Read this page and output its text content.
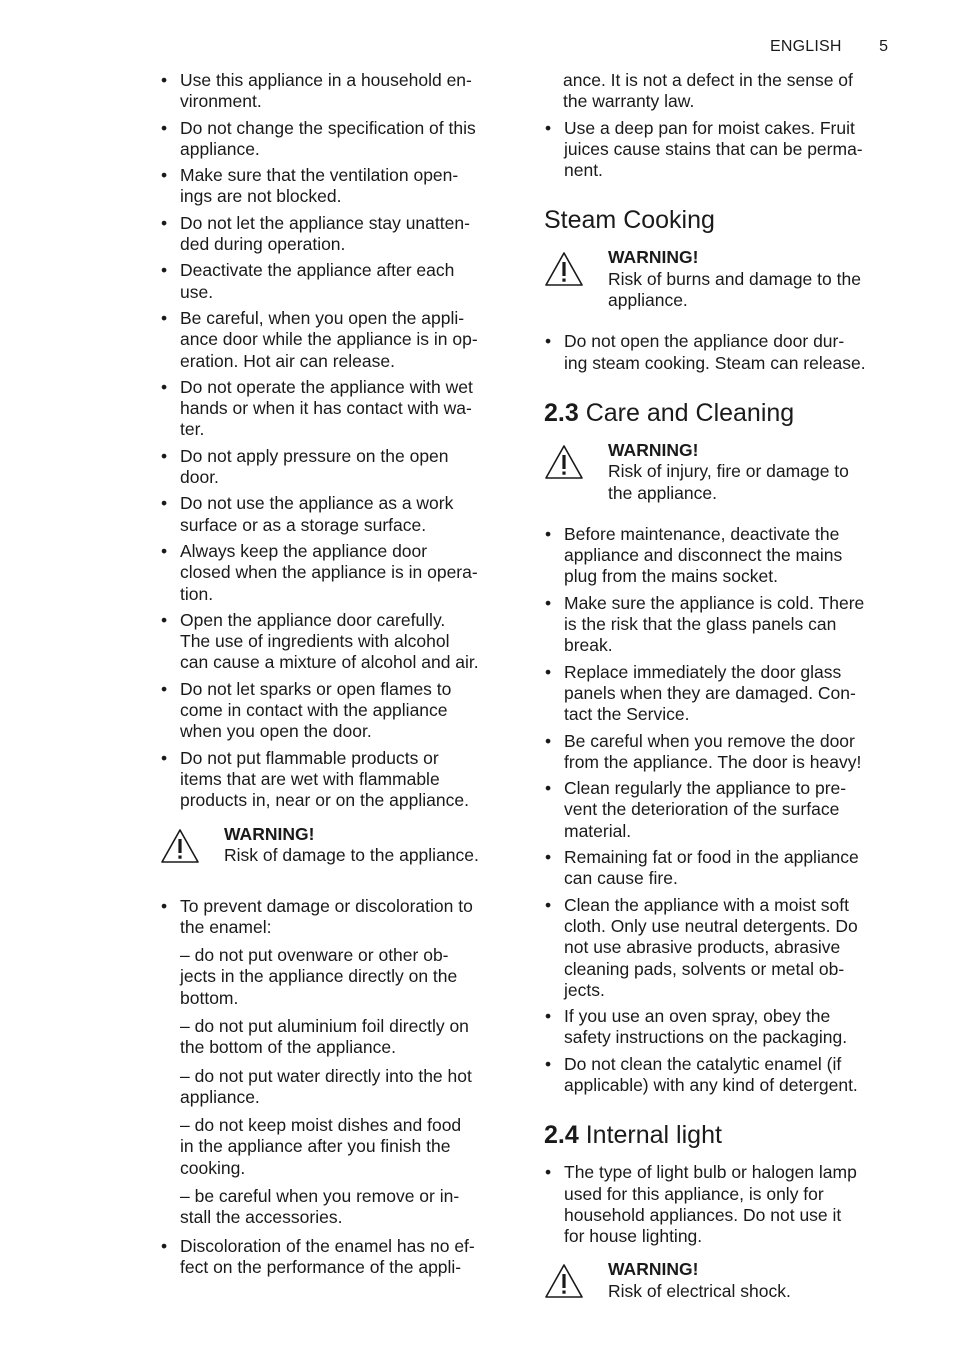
ENGLISH 5
• Use this appliance in a household en-
vironment.

• Do not change the specification of this
appliance.

• Make sure that the ventilation open-
ings are not blocked.

• Do not let the appliance stay unatten-
ded during operation.

• Deactivate the appliance after each
use.

• Be careful, when you open the appli-
ance door while the appliance is in op-
eration. Hot air can release.

• Do not operate the appliance with wet
hands or when it has contact with wa-
ter.

• Do not apply pressure on the open
door.

• Do not use the appliance as a work
surface or as a storage surface.

• Always keep the appliance door
closed when the appliance is in opera-
tion.

• Open the appliance door carefully.
The use of ingredients with alcohol
can cause a mixture of alcohol and air.

• Do not let sparks or open flames to
come in contact with the appliance
when you open the door.

• Do not put flammable products or
items that are wet with flammable
products in, near or on the appliance.

WARNING!

Risk of damage to the appliance.

• To prevent damage or discoloration to
the enamel:

– do not put ovenware or other ob-
jects in the appliance directly on the
bottom.

– do not put aluminium foil directly on
the bottom of the appliance.

– do not put water directly into the hot
appliance.

– do not keep moist dishes and food
in the appliance after you finish the
cooking.

– be careful when you remove or in-
stall the accessories.

• Discoloration of the enamel has no ef-
fect on the performance of the appli-

ance. It is not a defect in the sense of
the warranty law.

• Use a deep pan for moist cakes. Fruit
juices cause stains that can be perma-
nent.

Steam Cooking
WARNING!

Risk of burns and damage to the
appliance.

• Do not open the appliance door dur-
ing steam cooking. Steam can release.

2.3 Care and Cleaning
WARNING!

Risk of injury, fire or damage to
the appliance.

• Before maintenance, deactivate the
appliance and disconnect the mains
plug from the mains socket.

• Make sure the appliance is cold. There
is the risk that the glass panels can
break.

• Replace immediately the door glass
panels when they are damaged. Con-
tact the Service.

• Be careful when you remove the door
from the appliance. The door is heavy!

• Clean regularly the appliance to pre-
vent the deterioration of the surface
material.

• Remaining fat or food in the appliance
can cause fire.

• Clean the appliance with a moist soft
cloth. Only use neutral detergents. Do
not use abrasive products, abrasive
cleaning pads, solvents or metal ob-
jects.

• If you use an oven spray, obey the
safety instructions on the packaging.

• Do not clean the catalytic enamel (if
applicable) with any kind of detergent.

2.4 Internal light
• The type of light bulb or halogen lamp
used for this appliance, is only for
household appliances. Do not use it
for house lighting.

WARNING!

Risk of electrical shock.
